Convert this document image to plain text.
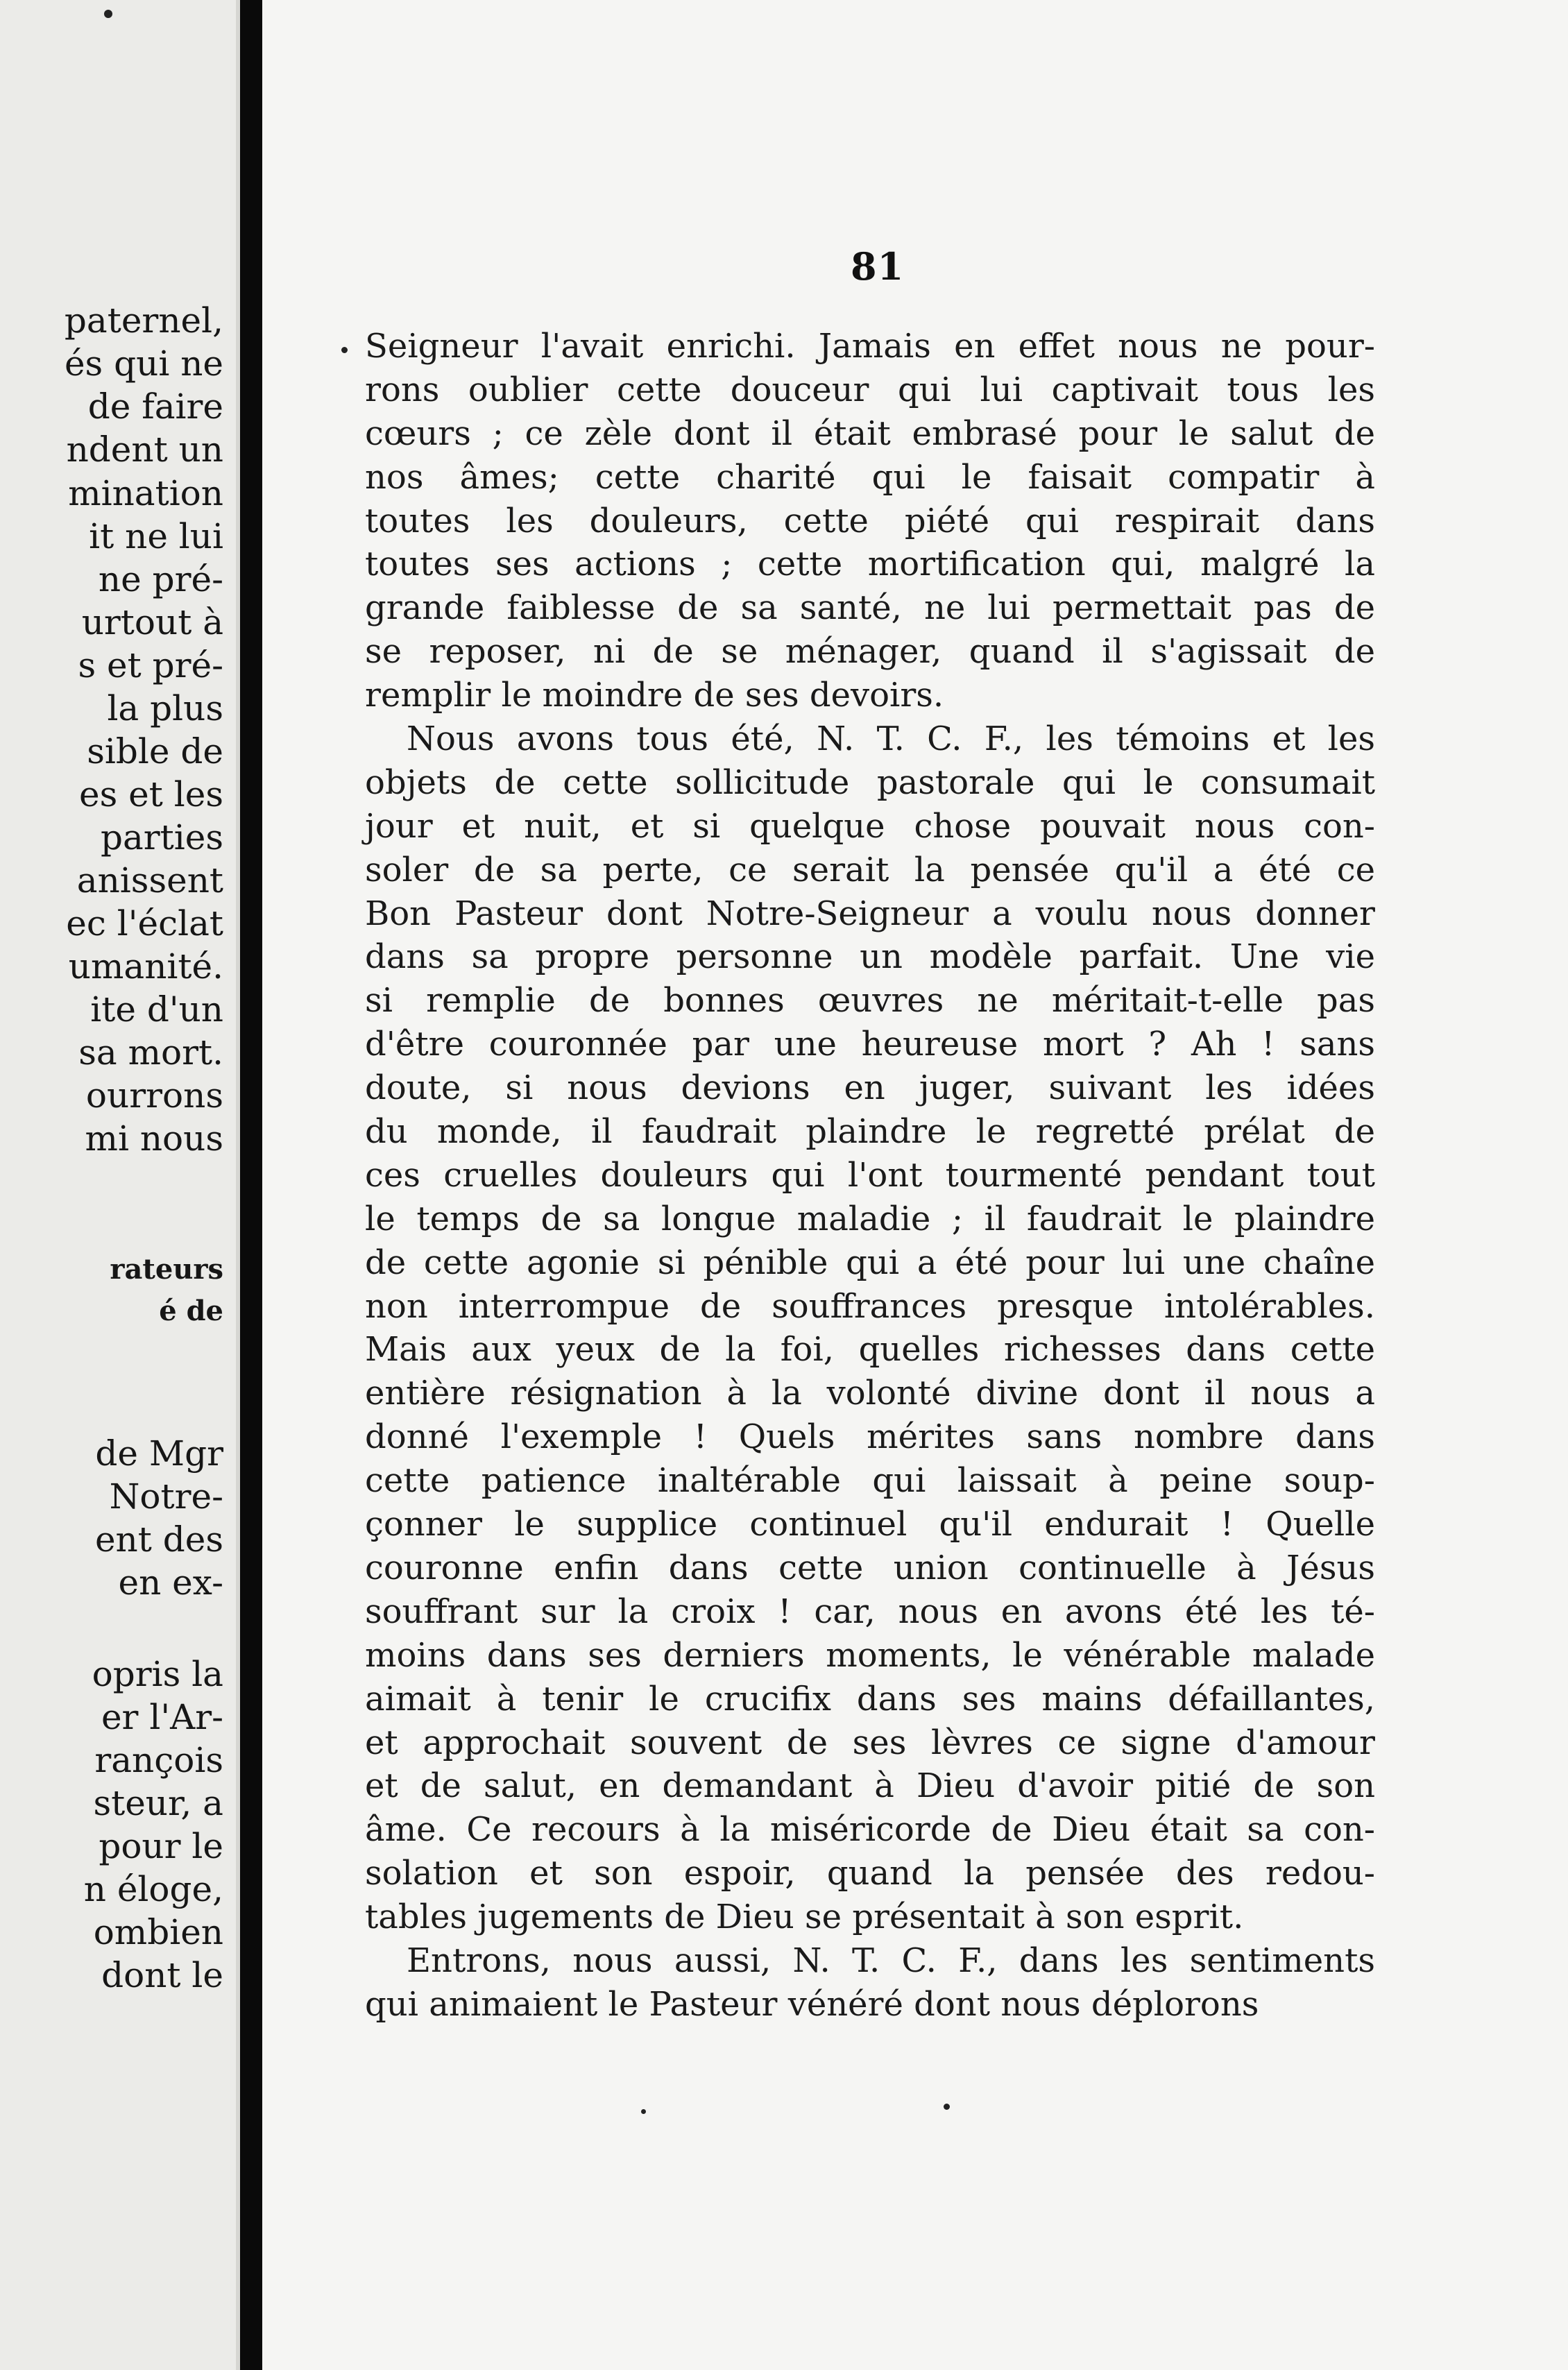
paternel,
és qui ne
de faire
ndent un
mination
it ne lui
ne pré-
urtout à
s et pré-
la plus
sible de
es et les
parties
anissent
ec l'éclat
umanité.
ite d'un
sa mort.
ourrons
mi nous
rateurs
é de
de Mgr
Notre-
ent des
en ex-
opris la
er l'Ar-
rançois
steur, a
pour le
n éloge,
ombien
dont le
81
Seigneur l'avait enrichi. Jamais en effet nous ne pour-
rons oublier cette douceur qui lui captivait tous les
cœurs ; ce zèle dont il était embrasé pour le salut de
nos âmes; cette charité qui le faisait compatir à
toutes les douleurs, cette piété qui respirait dans
toutes ses actions ; cette mortification qui, malgré la
grande faiblesse de sa santé, ne lui permettait pas de
se reposer, ni de se ménager, quand il s'agissait de
remplir le moindre de ses devoirs.
Nous avons tous été, N. T. C. F., les témoins et les
objets de cette sollicitude pastorale qui le consumait
jour et nuit, et si quelque chose pouvait nous con-
soler de sa perte, ce serait la pensée qu'il a été ce
Bon Pasteur dont Notre-Seigneur a voulu nous donner
dans sa propre personne un modèle parfait. Une vie
si remplie de bonnes œuvres ne méritait-t-elle pas
d'être couronnée par une heureuse mort ? Ah ! sans
doute, si nous devions en juger, suivant les idées
du monde, il faudrait plaindre le regretté prélat de
ces cruelles douleurs qui l'ont tourmenté pendant tout
le temps de sa longue maladie ; il faudrait le plaindre
de cette agonie si pénible qui a été pour lui une chaîne
non interrompue de souffrances presque intolérables.
Mais aux yeux de la foi, quelles richesses dans cette
entière résignation à la volonté divine dont il nous a
donné l'exemple ! Quels mérites sans nombre dans
cette patience inaltérable qui laissait à peine soup-
çonner le supplice continuel qu'il endurait ! Quelle
couronne enfin dans cette union continuelle à Jésus
souffrant sur la croix ! car, nous en avons été les té-
moins dans ses derniers moments, le vénérable malade
aimait à tenir le crucifix dans ses mains défaillantes,
et approchait souvent de ses lèvres ce signe d'amour
et de salut, en demandant à Dieu d'avoir pitié de son
âme. Ce recours à la miséricorde de Dieu était sa con-
solation et son espoir, quand la pensée des redou-
tables jugements de Dieu se présentait à son esprit.
Entrons, nous aussi, N. T. C. F., dans les sentiments
qui animaient le Pasteur vénéré dont nous déplorons
